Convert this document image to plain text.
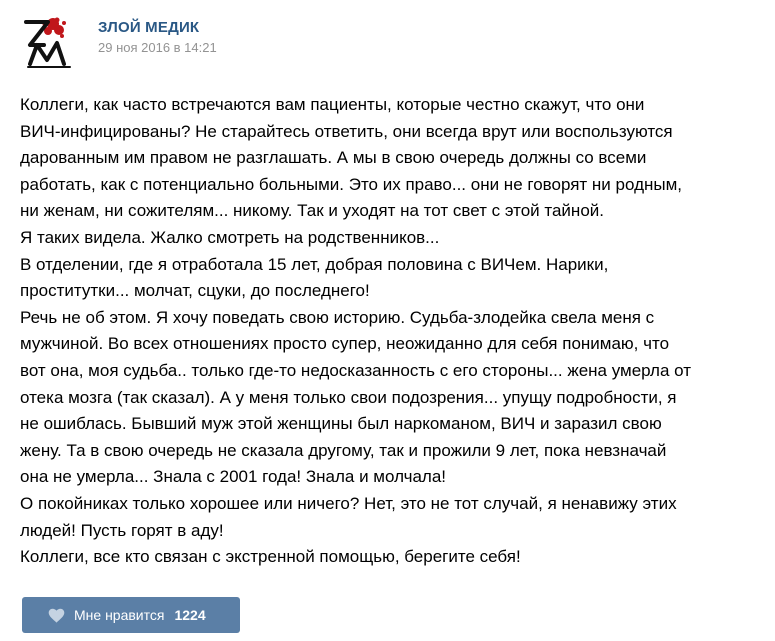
ЗЛОЙ МЕДИК
29 ноя 2016 в 14:21
Коллеги, как часто встречаются вам пациенты, которые честно скажут, что они
ВИЧ-инфицированы? Не старайтесь ответить, они всегда врут или воспользуются
дарованным им правом не разглашать. А мы в свою очередь должны со всеми
работать, как с потенциально больными. Это их право... они не говорят ни родным,
ни женам, ни сожителям... никому. Так и уходят на тот свет с этой тайной.
Я таких видела. Жалко смотреть на родственников...
В отделении, где я отработала 15 лет, добрая половина с ВИЧем. Нарики,
проститутки... молчат, сцуки, до последнего!
Речь не об этом. Я хочу поведать свою историю. Судьба-злодейка свела меня с
мужчиной. Во всех отношениях просто супер, неожиданно для себя понимаю, что
вот она, моя судьба.. только где-то недосказанность с его стороны... жена умерла от
отека мозга (так сказал). А у меня только свои подозрения... упущу подробности, я
не ошиблась. Бывший муж этой женщины был наркоманом, ВИЧ и заразил свою
жену. Та в свою очередь не сказала другому, так и прожили 9 лет, пока невзначай
она не умерла... Знала с 2001 года! Знала и молчала!
О покойниках только хорошее или ничего? Нет, это не тот случай, я ненавижу этих
людей! Пусть горят в аду!
Коллеги, все кто связан с экстренной помощью, берегите себя!
Мне нравится 1224
